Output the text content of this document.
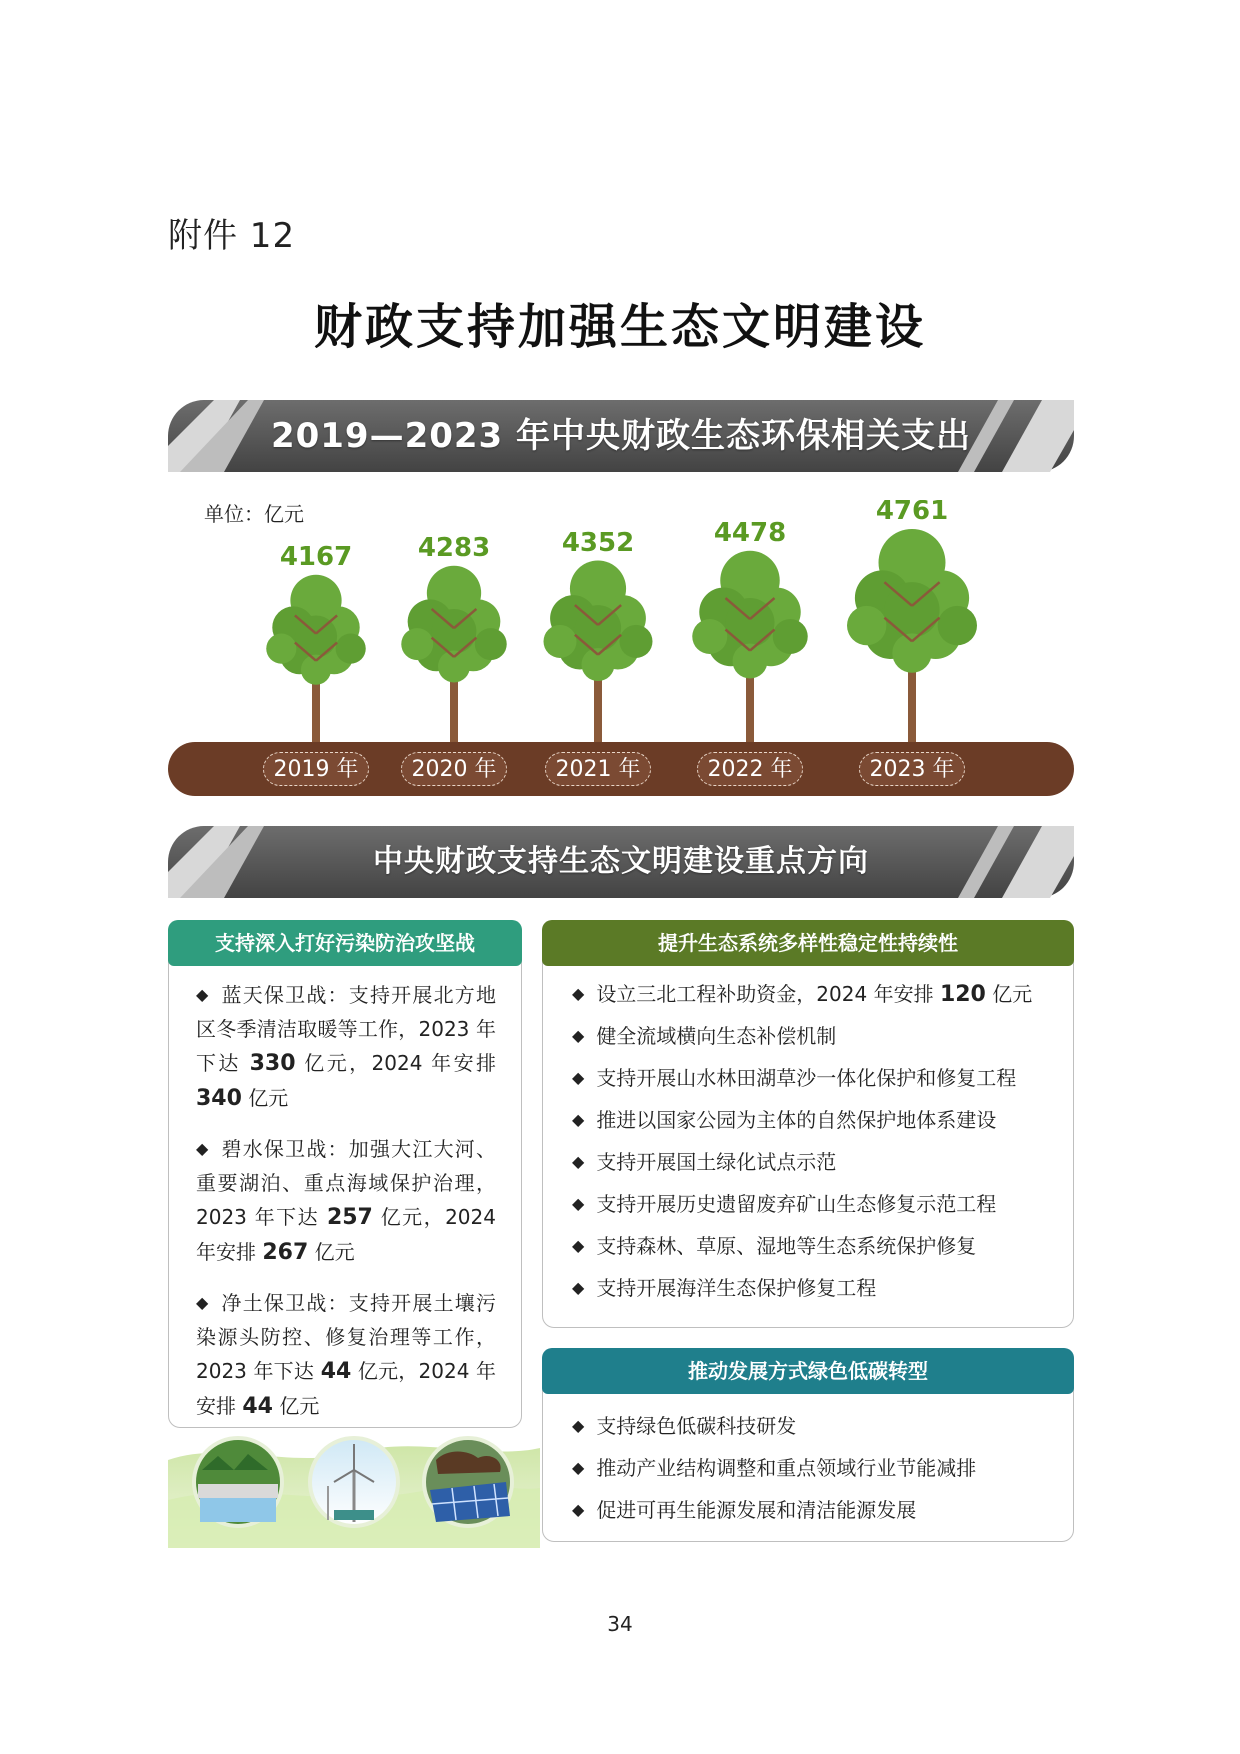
附件 12
财政支持加强生态文明建设
2019—2023 年中央财政生态环保相关支出
单位：亿元
4167	4283	4352	4478
4761
2019 年	2020 年	2021 年	2022 年	2023 年
中央财政支持生态文明建设重点方向
支持深入打好污染防治攻坚战

◆ 蓝天保卫战：支持开展北方地区冬季清洁取暖等工作，2023 年下达 330 亿元，2024 年安排 340 亿元

◆ 碧水保卫战：加强大江大河、重要湖泊、重点海域保护治理，2023 年下达 257 亿元，2024 年安排 267 亿元

◆ 净土保卫战：支持开展土壤污染源头防控、修复治理等工作，2023 年下达 44 亿元，2024 年安排 44 亿元

提升生态系统多样性稳定性持续性
◆ 设立三北工程补助资金，2024 年安排 120 亿元
◆ 健全流域横向生态补偿机制
◆ 支持开展山水林田湖草沙一体化保护和修复工程
◆ 推进以国家公园为主体的自然保护地体系建设
◆ 支持开展国土绿化试点示范
◆ 支持开展历史遗留废弃矿山生态修复示范工程
◆ 支持森林、草原、湿地等生态系统保护修复
◆ 支持开展海洋生态保护修复工程
推动发展方式绿色低碳转型
◆ 支持绿色低碳科技研发
◆ 推动产业结构调整和重点领域行业节能减排
◆ 促进可再生能源发展和清洁能源发展
34
